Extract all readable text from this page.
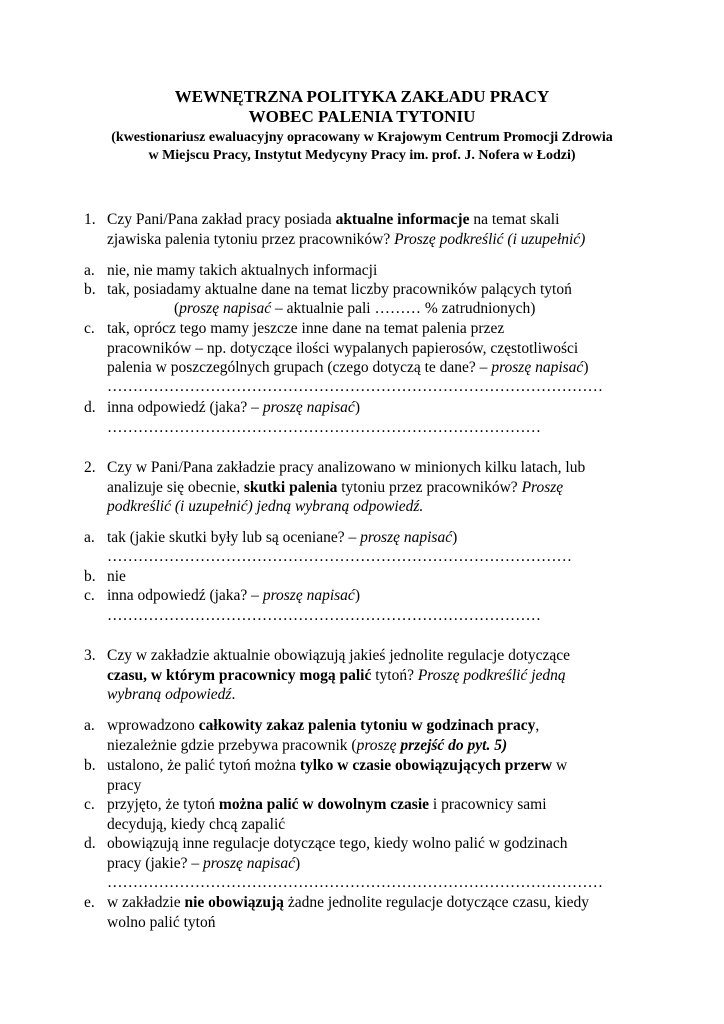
WEWNĘTRZNA POLITYKA ZAKŁADU PRACY
WOBEC PALENIA TYTONIU
(kwestionariusz ewaluacyjny opracowany w Krajowym Centrum Promocji Zdrowia
w Miejscu Pracy, Instytut Medycyny Pracy im. prof. J. Nofera w Łodzi)
1. Czy Pani/Pana zakład pracy posiada aktualne informacje na temat skali
zjawiska palenia tytoniu przez pracowników? Proszę podkreślić (i uzupełnić)
a. nie, nie mamy takich aktualnych informacji
b. tak, posiadamy aktualne dane na temat liczby pracowników palących tytoń
(proszę napisać – aktualnie pali ……… % zatrudnionych)
c. tak, oprócz tego mamy jeszcze inne dane na temat palenia przez
pracowników – np. dotyczące ilości wypalanych papierosów, częstotliwości
palenia w poszczególnych grupach (czego dotyczą te dane? – proszę napisać)
……………………………………………………………………………………
d. inna odpowiedź (jaka? – proszę napisać)
…………………………………………………………………………
2. Czy w Pani/Pana zakładzie pracy analizowano w minionych kilku latach, lub
analizuje się obecnie, skutki palenia tytoniu przez pracowników? Proszę
podkreślić (i uzupełnić) jedną wybraną odpowiedź.
a. tak (jakie skutki były lub są oceniane? – proszę napisać)
………………………………………………………………………………
b. nie
c. inna odpowiedź (jaka? – proszę napisać)
…………………………………………………………………………
3. Czy w zakładzie aktualnie obowiązują jakieś jednolite regulacje dotyczące
czasu, w którym pracownicy mogą palić tytoń? Proszę podkreślić jedną
wybraną odpowiedź.
a. wprowadzono całkowity zakaz palenia tytoniu w godzinach pracy,
niezależnie gdzie przebywa pracownik (proszę przejść do pyt. 5)
b. ustalono, że palić tytoń można tylko w czasie obowiązujących przerw w
pracy
c. przyjęto, że tytoń można palić w dowolnym czasie i pracownicy sami
decydują, kiedy chcą zapalić
d. obowiązują inne regulacje dotyczące tego, kiedy wolno palić w godzinach
pracy (jakie? – proszę napisać)
……………………………………………………………………………………
e. w zakładzie nie obowiązują żadne jednolite regulacje dotyczące czasu, kiedy
wolno palić tytoń
